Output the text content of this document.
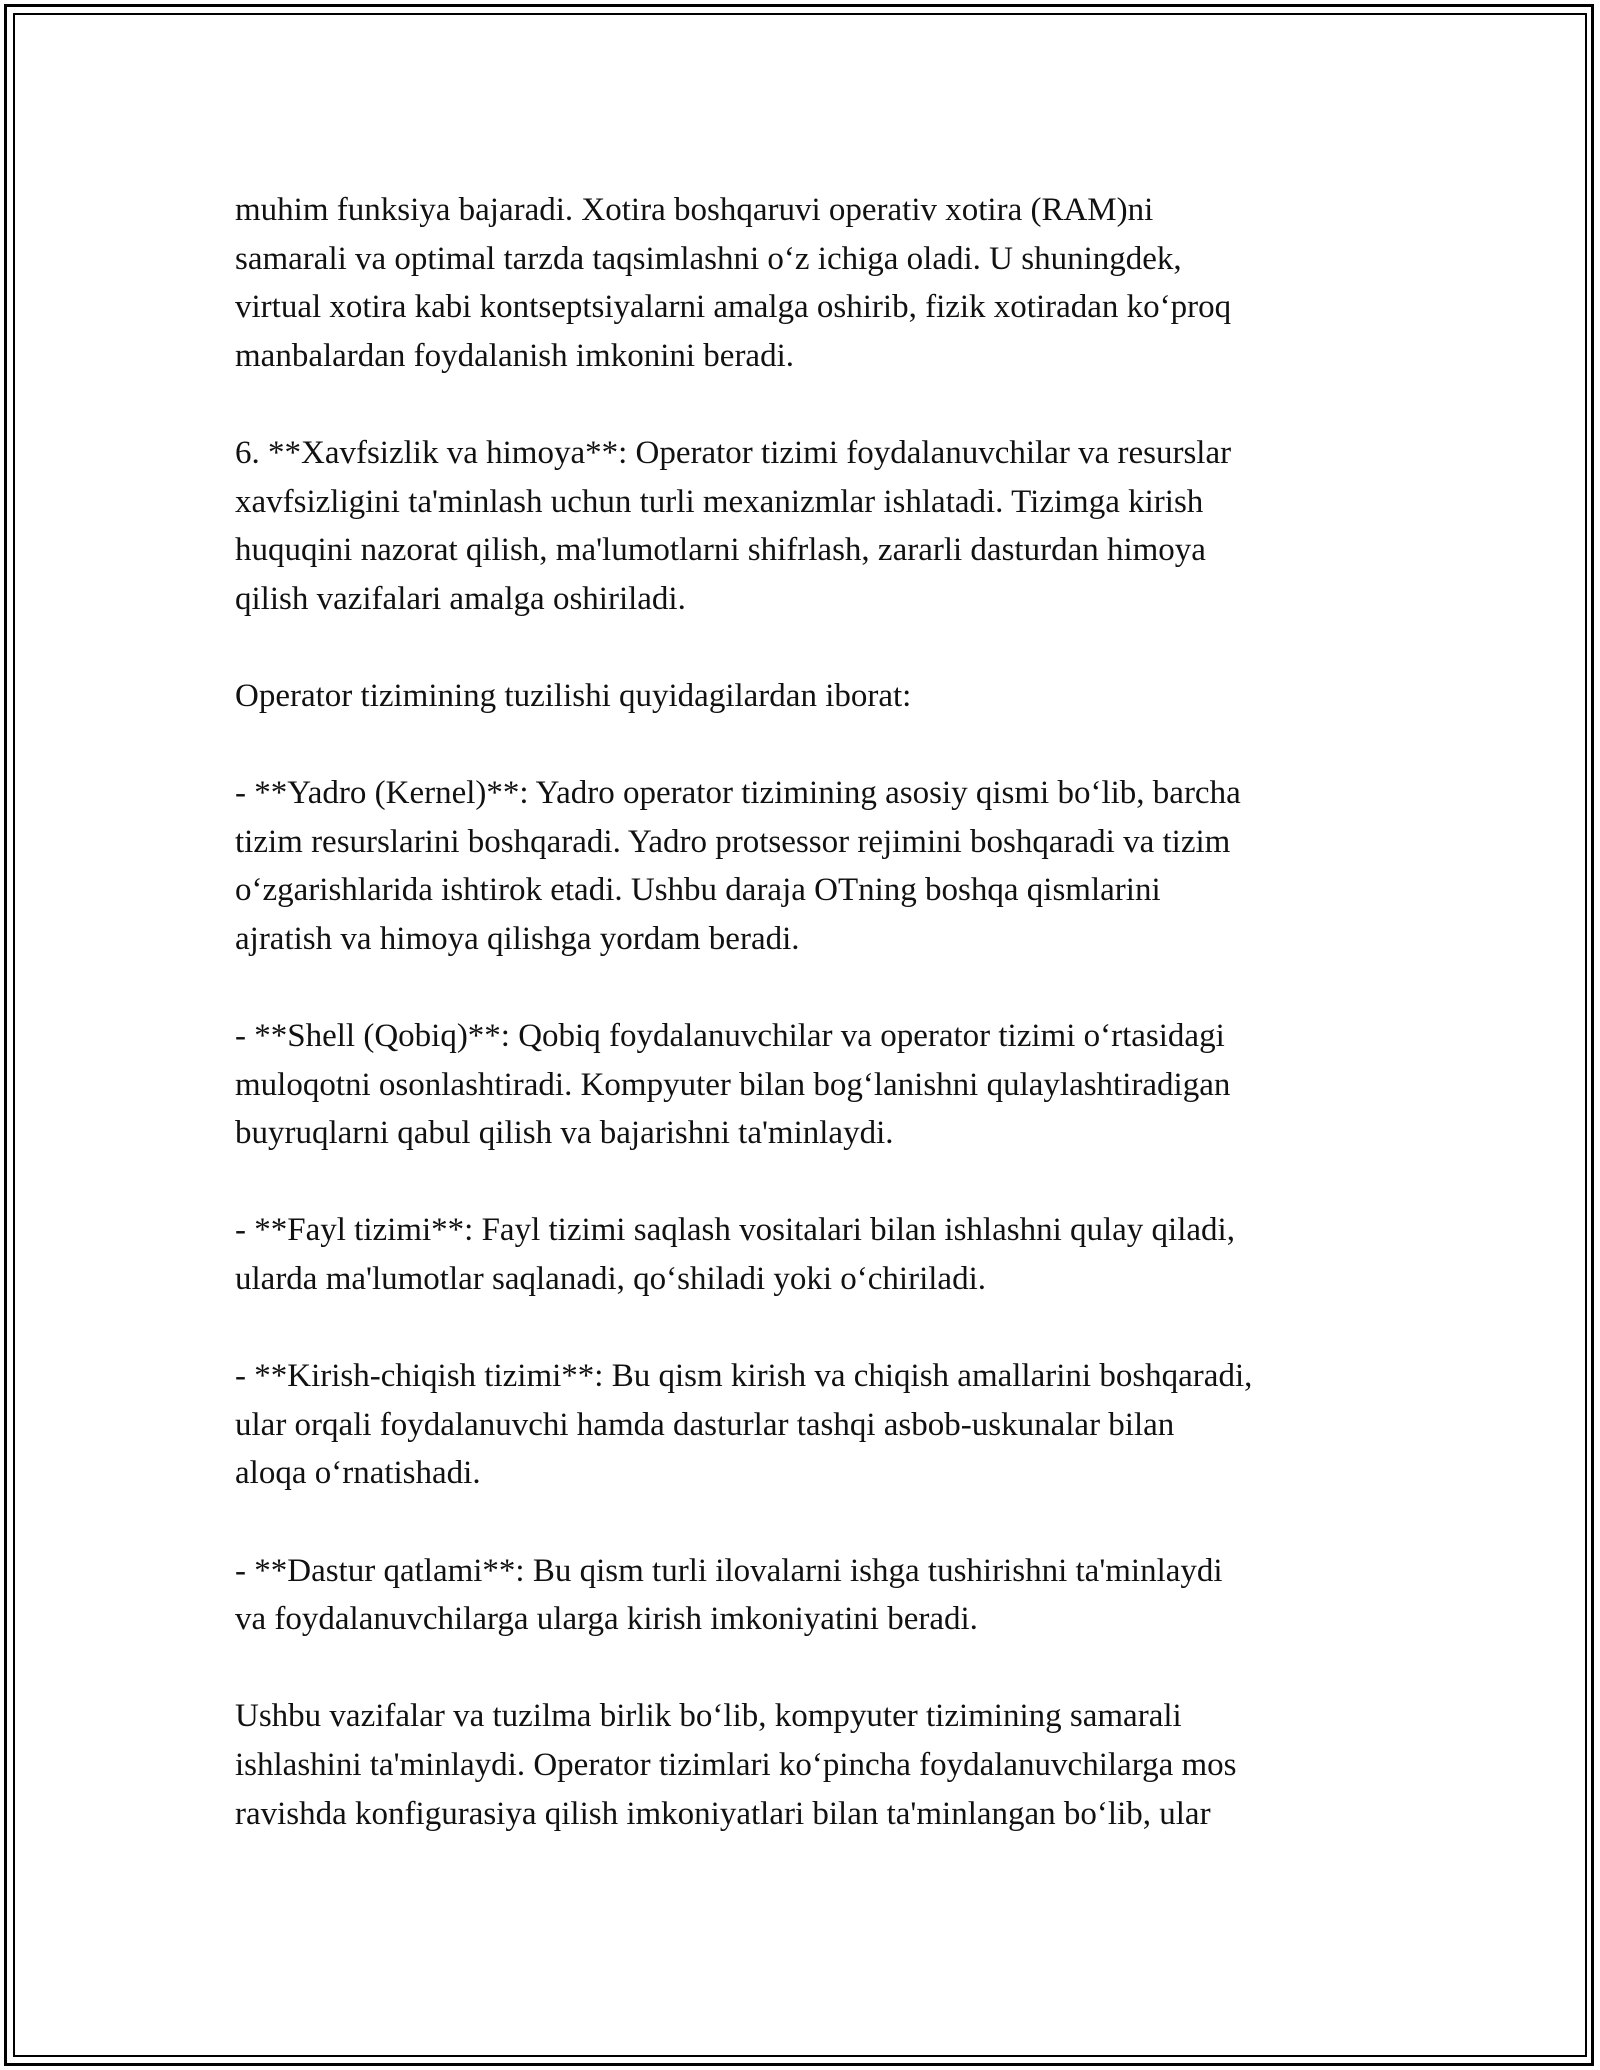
muhim funksiya bajaradi. Xotira boshqaruvi operativ xotira (RAM)ni
samarali va optimal tarzda taqsimlashni o‘z ichiga oladi. U shuningdek,
virtual xotira kabi kontseptsiyalarni amalga oshirib, fizik xotiradan ko‘proq
manbalardan foydalanish imkonini beradi.

6. **Xavfsizlik va himoya**: Operator tizimi foydalanuvchilar va resurslar
xavfsizligini ta'minlash uchun turli mexanizmlar ishlatadi. Tizimga kirish
huquqini nazorat qilish, ma'lumotlarni shifrlash, zararli dasturdan himoya
qilish vazifalari amalga oshiriladi.

Operator tizimining tuzilishi quyidagilardan iborat:

- **Yadro (Kernel)**: Yadro operator tizimining asosiy qismi bo‘lib, barcha
tizim resurslarini boshqaradi. Yadro protsessor rejimini boshqaradi va tizim
o‘zgarishlarida ishtirok etadi. Ushbu daraja OTning boshqa qismlarini
ajratish va himoya qilishga yordam beradi.

- **Shell (Qobiq)**: Qobiq foydalanuvchilar va operator tizimi o‘rtasidagi
muloqotni osonlashtiradi. Kompyuter bilan bog‘lanishni qulaylashtiradigan
buyruqlarni qabul qilish va bajarishni ta'minlaydi.

- **Fayl tizimi**: Fayl tizimi saqlash vositalari bilan ishlashni qulay qiladi,
ularda ma'lumotlar saqlanadi, qo‘shiladi yoki o‘chiriladi.

- **Kirish-chiqish tizimi**: Bu qism kirish va chiqish amallarini boshqaradi,
ular orqali foydalanuvchi hamda dasturlar tashqi asbob-uskunalar bilan
aloqa o‘rnatishadi.

- **Dastur qatlami**: Bu qism turli ilovalarni ishga tushirishni ta'minlaydi
va foydalanuvchilarga ularga kirish imkoniyatini beradi.

Ushbu vazifalar va tuzilma birlik bo‘lib, kompyuter tizimining samarali
ishlashini ta'minlaydi. Operator tizimlari ko‘pincha foydalanuvchilarga mos
ravishda konfigurasiya qilish imkoniyatlari bilan ta'minlangan bo‘lib, ular
